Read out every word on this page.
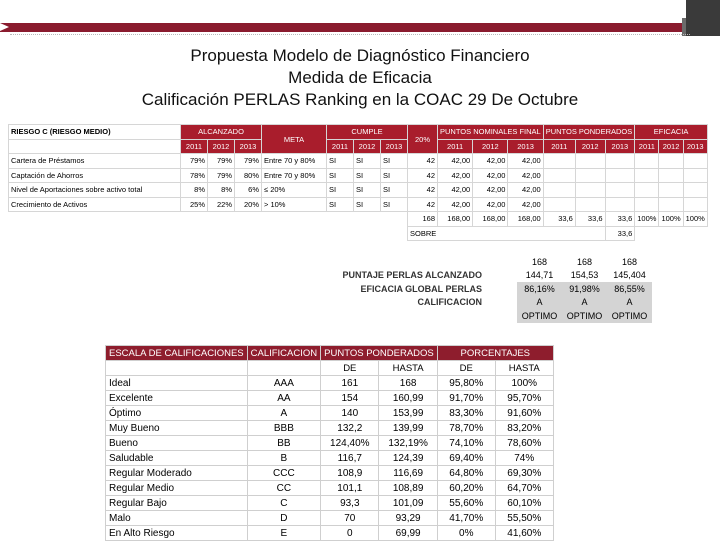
Propuesta Modelo de Diagnóstico Financiero
Medida de Eficacia
Calificación PERLAS Ranking en la COAC 29 De Octubre
RIESGO C (RIESGO MEDIO)	ALCANZADO			META	CUMPLE			20%	PUNTOS NOMINALES FINAL			PUNTOS PONDERADOS			EFICACIA		
	2011	2012	2013		2011	2012	2013		2011	2012	2013	2011	2012	2013	2011	2012	2013
Cartera de Préstamos	79%	79%	79%	Entre 70 y 80%	SI	SI	SI	42	42,00	42,00	42,00						
Captación de Ahorros	78%	79%	80%	Entre 70 y 80%	SI	SI	SI	42	42,00	42,00	42,00						
Nivel de Aportaciones sobre activo total	8%	8%	6%	≤ 20%	SI	SI	SI	42	42,00	42,00	42,00						
Crecimiento de Activos	25%	22%	20%	> 10%	SI	SI	SI	42	42,00	42,00	42,00						
								168	168,00	168,00	168,00	33,6	33,6	33,6	100%	100%	100%
								SOBRE						33,6			
		168	168	168
PUNTAJE PERLAS ALCANZADO		144,71	154,53	145,404
EFICACIA GLOBAL PERLAS		86,16%	91,98%	86,55%
CALIFICACION		A	A	A
		OPTIMO	OPTIMO	OPTIMO
ESCALA DE CALIFICACIONES	CALIFICACION	PUNTOS PONDERADOS		PORCENTAJES	
		DE	HASTA	DE	HASTA
Ideal	AAA	161	168	95,80%	100%
Excelente	AA	154	160,99	91,70%	95,70%
Óptimo	A	140	153,99	83,30%	91,60%
Muy Bueno	BBB	132,2	139,99	78,70%	83,20%
Bueno	BB	124,40%	132,19%	74,10%	78,60%
Saludable	B	116,7	124,39	69,40%	74%
Regular Moderado	CCC	108,9	116,69	64,80%	69,30%
Regular Medio	CC	101,1	108,89	60,20%	64,70%
Regular Bajo	C	93,3	101,09	55,60%	60,10%
Malo	D	70	93,29	41,70%	55,50%
En Alto Riesgo	E	0	69,99	0%	41,60%
